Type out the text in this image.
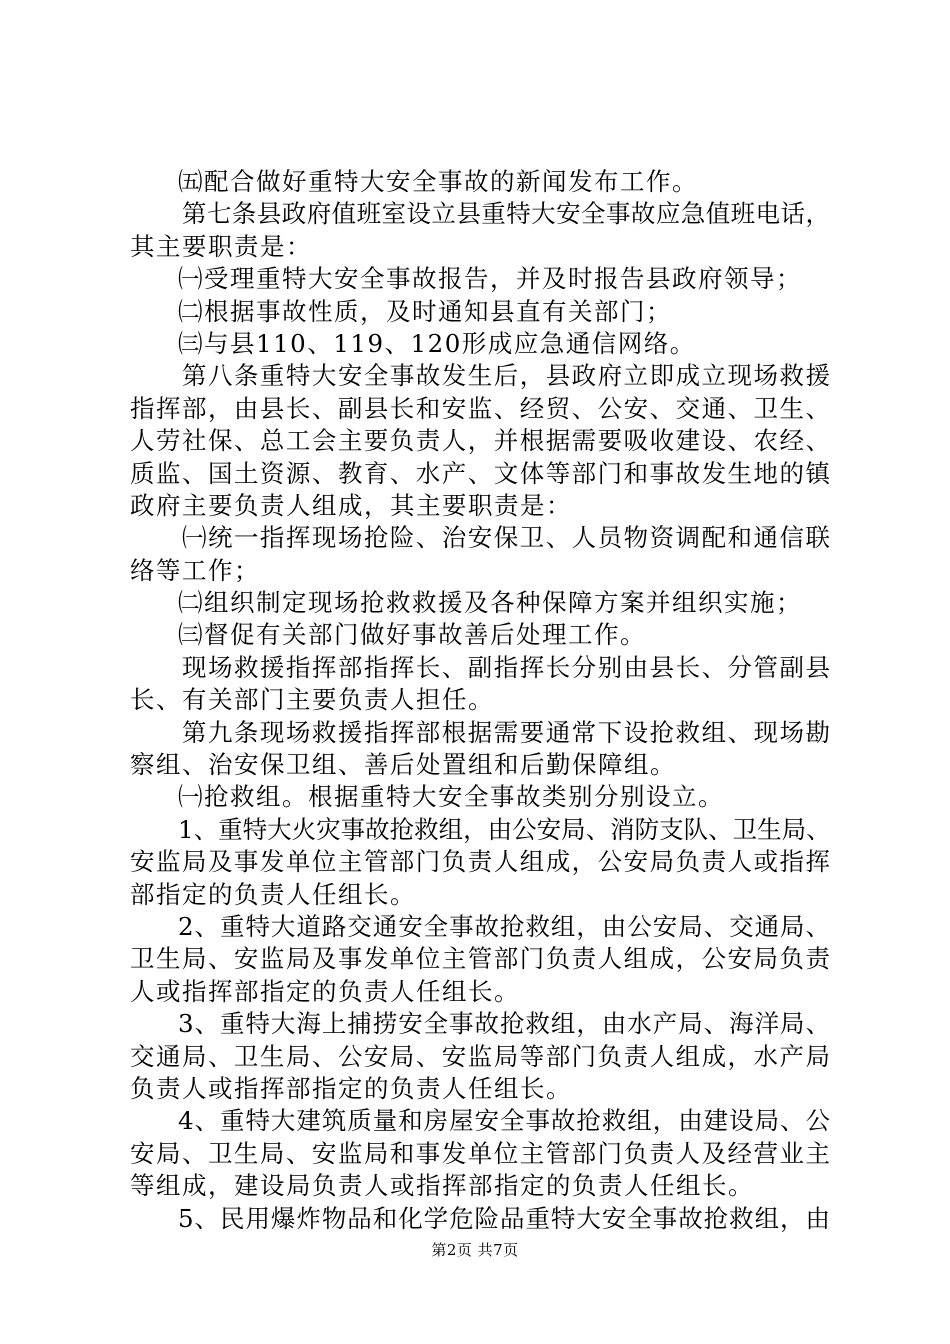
㈤配合做好重特大安全事故的新闻发布工作。
第七条县政府值班室设立县重特大安全事故应急值班电话，
其主要职责是：
㈠受理重特大安全事故报告，并及时报告县政府领导；
㈡根据事故性质，及时通知县直有关部门；
㈢与县110、119、120形成应急通信网络。
第八条重特大安全事故发生后，县政府立即成立现场救援
指挥部，由县长、副县长和安监、经贸、公安、交通、卫生、
人劳社保、总工会主要负责人，并根据需要吸收建设、农经、
质监、国土资源、教育、水产、文体等部门和事故发生地的镇
政府主要负责人组成，其主要职责是：
㈠统一指挥现场抢险、治安保卫、人员物资调配和通信联
络等工作；
㈡组织制定现场抢救救援及各种保障方案并组织实施；
㈢督促有关部门做好事故善后处理工作。
现场救援指挥部指挥长、副指挥长分别由县长、分管副县
长、有关部门主要负责人担任。
第九条现场救援指挥部根据需要通常下设抢救组、现场勘
察组、治安保卫组、善后处置组和后勤保障组。
㈠抢救组。根据重特大安全事故类别分别设立。
1、重特大火灾事故抢救组，由公安局、消防支队、卫生局、
安监局及事发单位主管部门负责人组成，公安局负责人或指挥
部指定的负责人任组长。
2、重特大道路交通安全事故抢救组，由公安局、交通局、
卫生局、安监局及事发单位主管部门负责人组成，公安局负责
人或指挥部指定的负责人任组长。
3、重特大海上捕捞安全事故抢救组，由水产局、海洋局、
交通局、卫生局、公安局、安监局等部门负责人组成，水产局
负责人或指挥部指定的负责人任组长。
4、重特大建筑质量和房屋安全事故抢救组，由建设局、公
安局、卫生局、安监局和事发单位主管部门负责人及经营业主
等组成，建设局负责人或指挥部指定的负责人任组长。
5、民用爆炸物品和化学危险品重特大安全事故抢救组，由
第2页 共7页
